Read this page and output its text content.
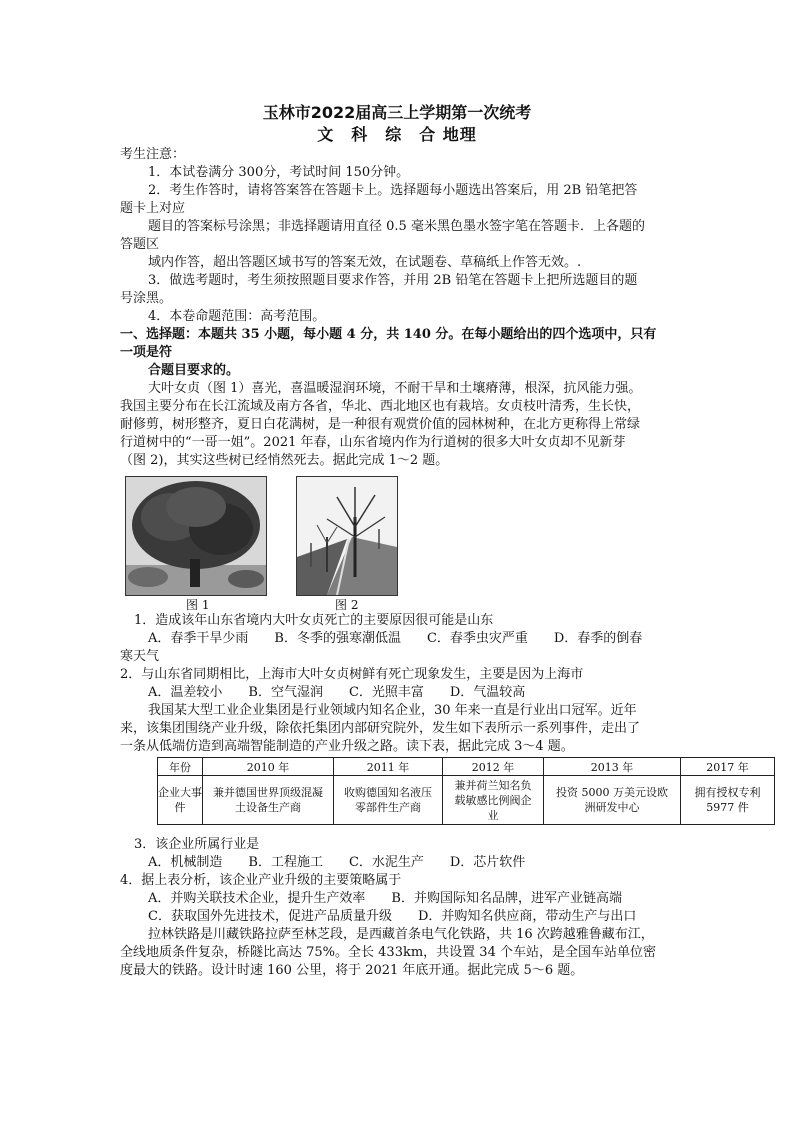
玉林市2022届高三上学期第一次统考
文　科　综　合 地理
考生注意：
1．本试卷满分 300分，考试时间 150分钟。
2．考生作答时，请将答案答在答题卡上。选择题每小题选出答案后，用 2B 铅笔把答
题卡上对应
题目的答案标号涂黑；非选择题请用直径 0.5 毫米黑色墨水签字笔在答题卡．上各题的
答题区
域内作答，超出答题区域书写的答案无效，在试题卷、草稿纸上作答无效。.
3．做选考题时，考生须按照题目要求作答，并用 2B 铅笔在答题卡上把所选题目的题
号涂黑。
4．本卷命题范围：高考范围。
一、选择题：本题共 35 小题，每小题 4 分，共 140 分。在每小题给出的四个选项中，只有
一项是符
合题目要求的。
大叶女贞（图 1）喜光，喜温暖湿润环境，不耐干旱和土壤瘠薄，根深，抗风能力强。
我国主要分布在长江流域及南方各省，华北、西北地区也有栽培。女贞枝叶清秀，生长快，
耐修剪，树形整齐，夏日白花满树，是一种很有观赏价值的园林树种，在北方更称得上常绿
行道树中的“一哥一姐”。2021 年春，山东省境内作为行道树的很多大叶女贞却不见新芽
（图 2)，其实这些树已经悄然死去。据此完成 1～2 题。
图 1	图 2
1．造成该年山东省境内大叶女贞死亡的主要原因很可能是山东
A．春季干旱少雨　　B．冬季的强寒潮低温　　C．春季虫灾严重　　D．春季的倒春
寒天气
2．与山东省同期相比，上海市大叶女贞树鲜有死亡现象发生，主要是因为上海市
A．温差较小　　B．空气湿润　　C．光照丰富　　D．气温较高
我国某大型工业企业集团是行业领域内知名企业，30 年来一直是行业出口冠军。近年
来，该集团围绕产业升级，除依托集团内部研究院外，发生如下表所示一系列事件，走出了
一条从低端仿造到高端智能制造的产业升级之路。读下表，据此完成 3～4 题。
年份	2010 年	2011 年	2012 年	2013 年	2017 年
企业大事件	兼并德国世界顶级混凝土设备生产商	收购德国知名液压零部件生产商	兼并荷兰知名负载敏感比例阀企业	投资 5000 万美元设欧洲研发中心	拥有授权专利 5977 件
3．该企业所属行业是
A．机械制造　　B．工程施工　　C．水泥生产　　D．芯片软件
4．据上表分析，该企业产业升级的主要策略属于
A．并购关联技术企业，提升生产效率　　B．并购国际知名品牌，进军产业链高端
C．获取国外先进技术，促进产品质量升级　　D．并购知名供应商，带动生产与出口
拉林铁路是川藏铁路拉萨至林芝段，是西藏首条电气化铁路，共 16 次跨越雅鲁藏布江，
全线地质条件复杂，桥隧比高达 75%。全长 433km，共设置 34 个车站，是全国车站单位密
度最大的铁路。设计时速 160 公里，将于 2021 年底开通。据此完成 5～6 题。
